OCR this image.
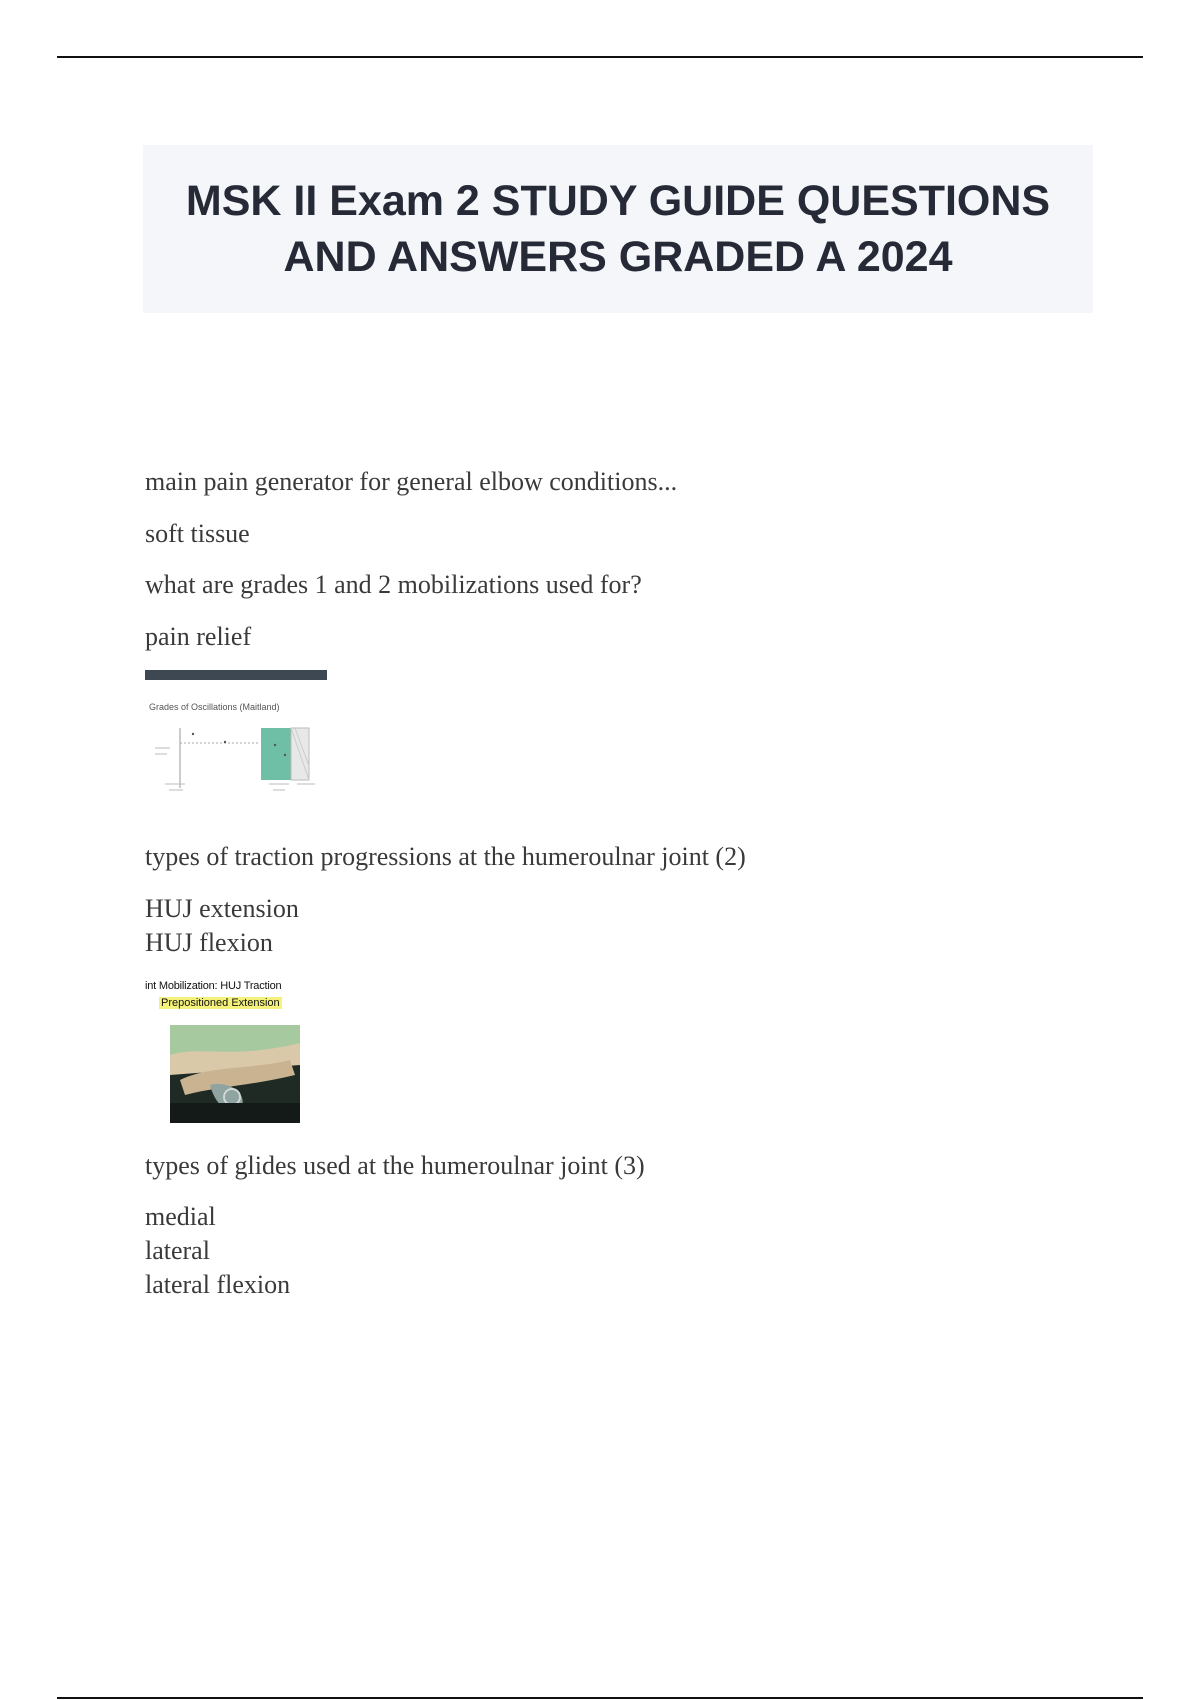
MSK II Exam 2 STUDY GUIDE QUESTIONS AND ANSWERS GRADED A 2024

main pain generator for general elbow conditions...

soft tissue

what are grades 1 and 2 mobilizations used for?

pain relief

Grades of Oscillations (Maitland)

types of traction progressions at the humeroulnar joint (2)

HUJ extension
HUJ flexion

int Mobilization: HUJ Traction
Prepositioned Extension

types of glides used at the humeroulnar joint (3)

medial
lateral
lateral flexion
